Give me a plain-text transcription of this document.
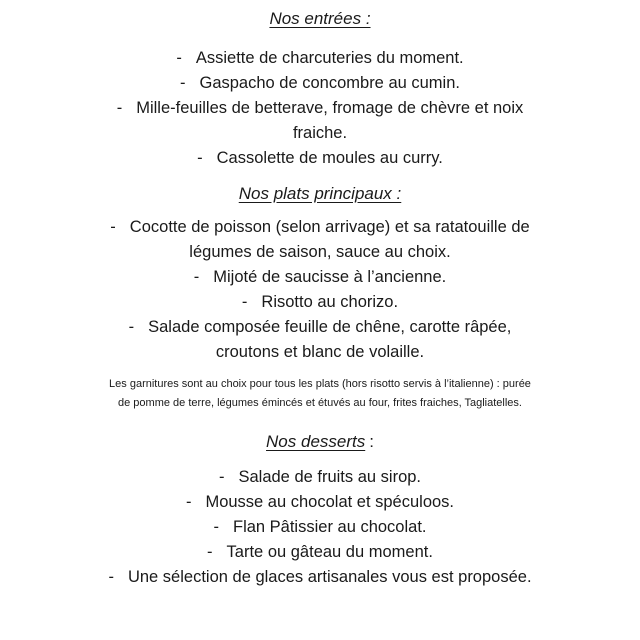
Nos entrées :

- Assiette de charcuteries du moment.

- Gaspacho de concombre au cumin.

- Mille-feuilles de betterave, fromage de chèvre et noix

fraiche.

- Cassolette de moules au curry.

Nos plats principaux :

- Cocotte de poisson (selon arrivage) et sa ratatouille de

légumes de saison, sauce au choix.

- Mijoté de saucisse à l’ancienne.

- Risotto au chorizo.

- Salade composée feuille de chêne, carotte râpée,

croutons et blanc de volaille.

Les garnitures sont au choix pour tous les plats (hors risotto servis à l’italienne) : purée de pomme de terre, légumes émincés et étuvés au four, frites fraiches, Tagliatelles.
Nos desserts :

- Salade de fruits au sirop.

- Mousse au chocolat et spéculoos.

- Flan Pâtissier au chocolat.

- Tarte ou gâteau du moment.

- Une sélection de glaces artisanales vous est proposée.
